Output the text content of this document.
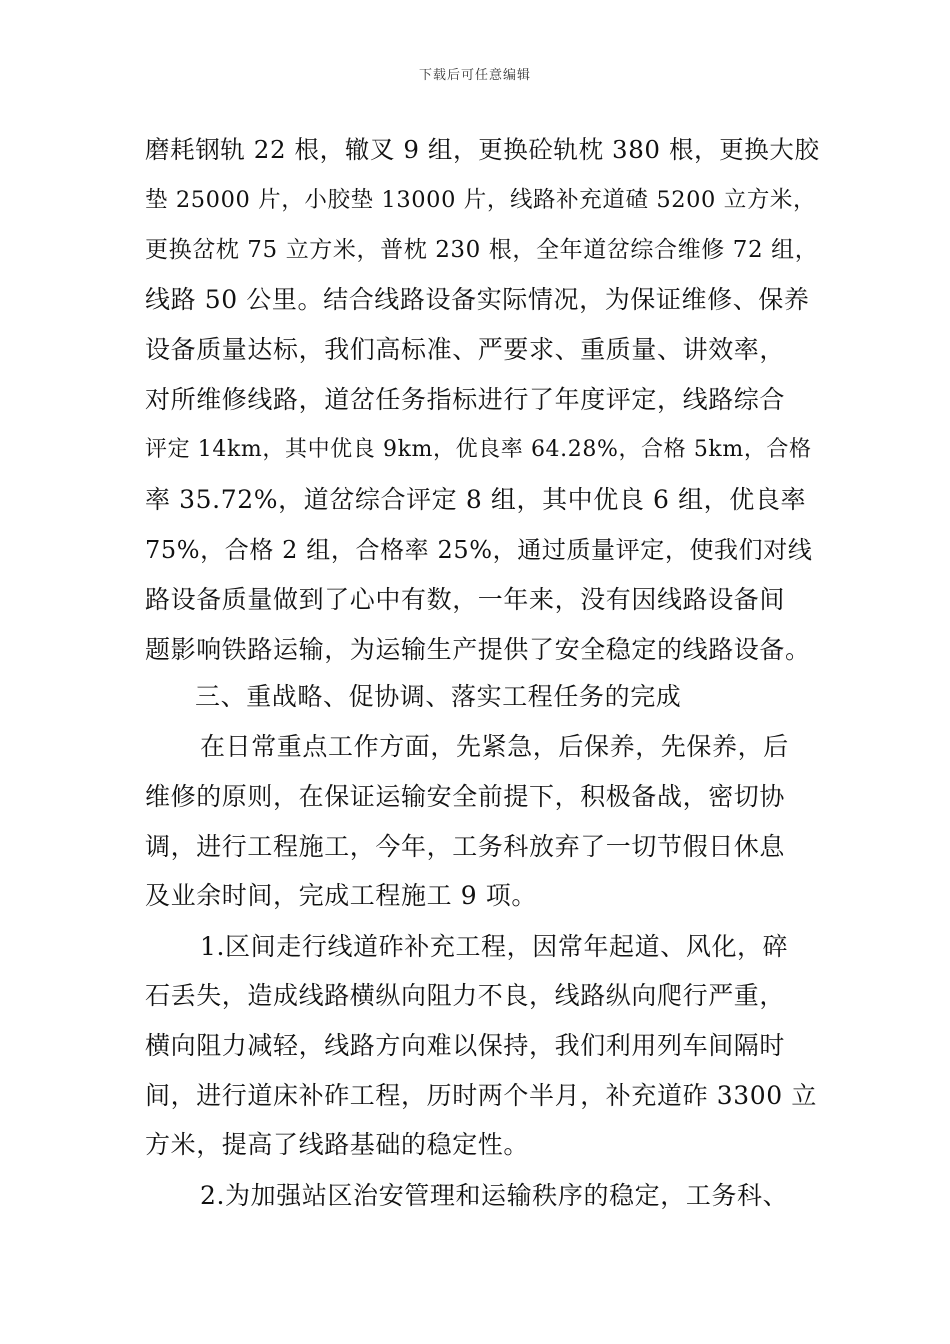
下载后可任意编辑
磨耗钢轨 22 根，辙叉 9 组，更换砼轨枕 380 根，更换大胶
垫 25000 片，小胶垫 13000 片，线路补充道碴 5200 立方米，
更换岔枕 75 立方米，普枕 230 根，全年道岔综合维修 72 组，
线路 50 公里。结合线路设备实际情况，为保证维修、保养
设备质量达标，我们高标准、严要求、重质量、讲效率，
对所维修线路，道岔任务指标进行了年度评定，线路综合
评定 14km，其中优良 9km，优良率 64.28%，合格 5km，合格
率 35.72%，道岔综合评定 8 组，其中优良 6 组，优良率
75%，合格 2 组，合格率 25%，通过质量评定，使我们对线
路设备质量做到了心中有数，一年来，没有因线路设备间
题影响铁路运输，为运输生产提供了安全稳定的线路设备。
三、重战略、促协调、落实工程任务的完成
在日常重点工作方面，先紧急，后保养，先保养，后
维修的原则，在保证运输安全前提下，积极备战，密切协
调，进行工程施工，今年，工务科放弃了一切节假日休息
及业余时间，完成工程施工 9 项。
1.区间走行线道砟补充工程，因常年起道、风化，碎
石丢失，造成线路横纵向阻力不良，线路纵向爬行严重，
横向阻力减轻，线路方向难以保持，我们利用列车间隔时
间，进行道床补砟工程，历时两个半月，补充道砟 3300 立
方米，提高了线路基础的稳定性。
2.为加强站区治安管理和运输秩序的稳定，工务科、
